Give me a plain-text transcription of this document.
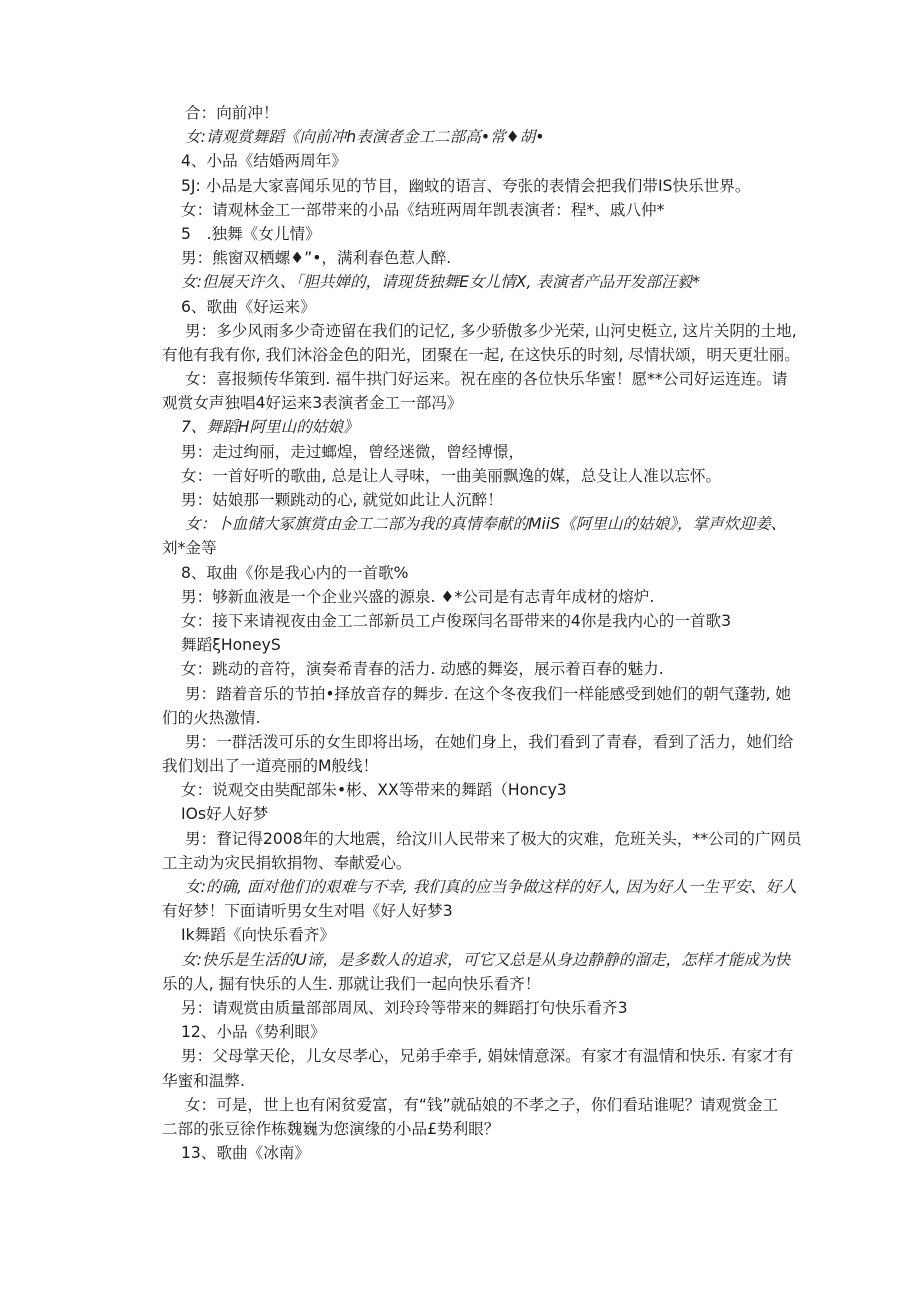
合：向前冲！
女:请观赏舞蹈《向前冲h表演者金工二部高•常♦胡•
4、小品《结婚两周年》
5J: 小品是大家喜闻乐见的节目，幽蚊的语言、夸张的表情会把我们带IS快乐世界。
女：请观林金工一部带来的小品《结班两周年凯表演者：程*、戚八仲*
5　.独舞《女儿情》
男：熊窗双栖螺♦”•，满利春色惹人醉.
女:但展天许久、「胆共婵的，请现货独舞E女儿情X, 表演者产品开发部汪毅*
6、歌曲《好运来》
男：多少风雨多少奇迹留在我们的记忆, 多少骄傲多少光荣, 山河史梃立, 这片关阴的土地,
有他有我有你, 我们沐浴金色的阳光，团聚在一起, 在这快乐的时刻, 尽情状颂，明天更壮丽。
女：喜报频传华策到. 福牛拱门好运来。祝在座的各位快乐华蜜！愿**公司好运连连。请
观赏女声独唱4好运来3表演者金工一部冯》
7、舞蹈H阿里山的姑娘》
男：走过绚丽，走过螂煌，曾经迷微，曾经博憬，
女：一首好听的歌曲, 总是让人寻味，一曲美丽飘逸的媒，总殳让人准以忘怀。
男：姑娘那一颗跳动的心, 就觉如此让人沉醉！
女：卜血储大冢旗赏由金工二部为我的真情奉献的MiiS《阿里山的姑娘》，掌声炊迎姜、
刘*金等
8、取曲《你是我心内的一首歌%
男：够新血液是一个企业兴盛的源泉. ♦*公司是有志青年成材的熔炉.
女：接下来请视夜由金工二部新员工卢俊琛闫名哥带来的4你是我内心的一首歌3
舞蹈ξHoneyS
女：跳动的音符，演奏希青春的活力. 动感的舞姿，展示着百春的魅力.
男：踏着音乐的节拍•择放音存的舞步. 在这个冬夜我们一样能感受到她们的朝气蓬勃, 她
们的火热激情.
男：一群活泼可乐的女生即将出场，在她们身上，我们看到了青春，看到了活力，她们给
我们划出了一道亮丽的M般线！
女：说观交由奘配部朱•彬、XX等带来的舞蹈（Honcy3
IOs好人好梦
男：瞀记得2008年的大地震，给汶川人民带来了极大的灾难，危班关头，**公司的广网员
工主动为灾民捐软捐物、奉献爱心。
女:的确, 面对他们的艰难与不幸, 我们真的应当争做这样的好人, 因为好人一生平安、好人
有好梦！下面请听男女生对唱《好人好梦3
Ik舞蹈《向快乐看齐》
女:快乐是生活的U谛，是多数人的追求，可它又总是从身边静静的溜走，怎样才能成为快
乐的人, 掘有快乐的人生. 那就让我们一起向快乐看齐！
另：请观赏由质量部部周凤、刘玲玲等带来的舞蹈打句快乐看齐3
12、小品《势利眼》
男：父母掌天伦，儿女尽孝心，兄弟手牵手, 娟妹情意深。有家才有温情和快乐. 有家才有
华蜜和温弊.
女：可是，世上也有闲贫爱富，有“钱”就砧娘的不孝之子，你们看玷谁呢？请观赏金工
二部的张豆徐作栋魏巍为您演缘的小品£势利眼？
13、歌曲《冰南》
